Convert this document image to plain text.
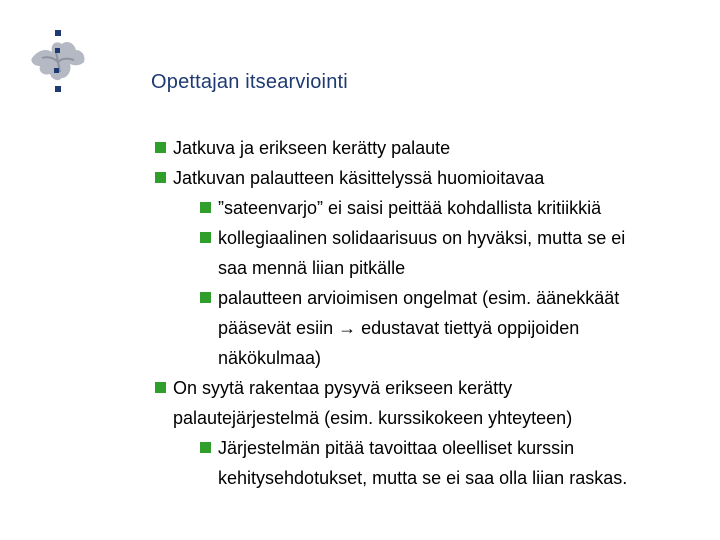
Opettajan itsearviointi
Jatkuva ja erikseen kerätty palaute
Jatkuvan palautteen käsittelyssä huomioitavaa
”sateenvarjo” ei saisi peittää kohdallista kritiikkiä
kollegiaalinen solidaarisuus on hyväksi, mutta se ei
saa mennä liian pitkälle
palautteen arvioimisen ongelmat (esim. äänekkäät
pääsevät esiin → edustavat tiettyä oppijoiden
näkökulmaa)
On syytä rakentaa pysyvä erikseen kerätty
palautejärjestelmä (esim. kurssikokeen yhteyteen)
Järjestelmän pitää tavoittaa oleelliset kurssin
kehitysehdotukset, mutta se ei saa olla liian raskas.
